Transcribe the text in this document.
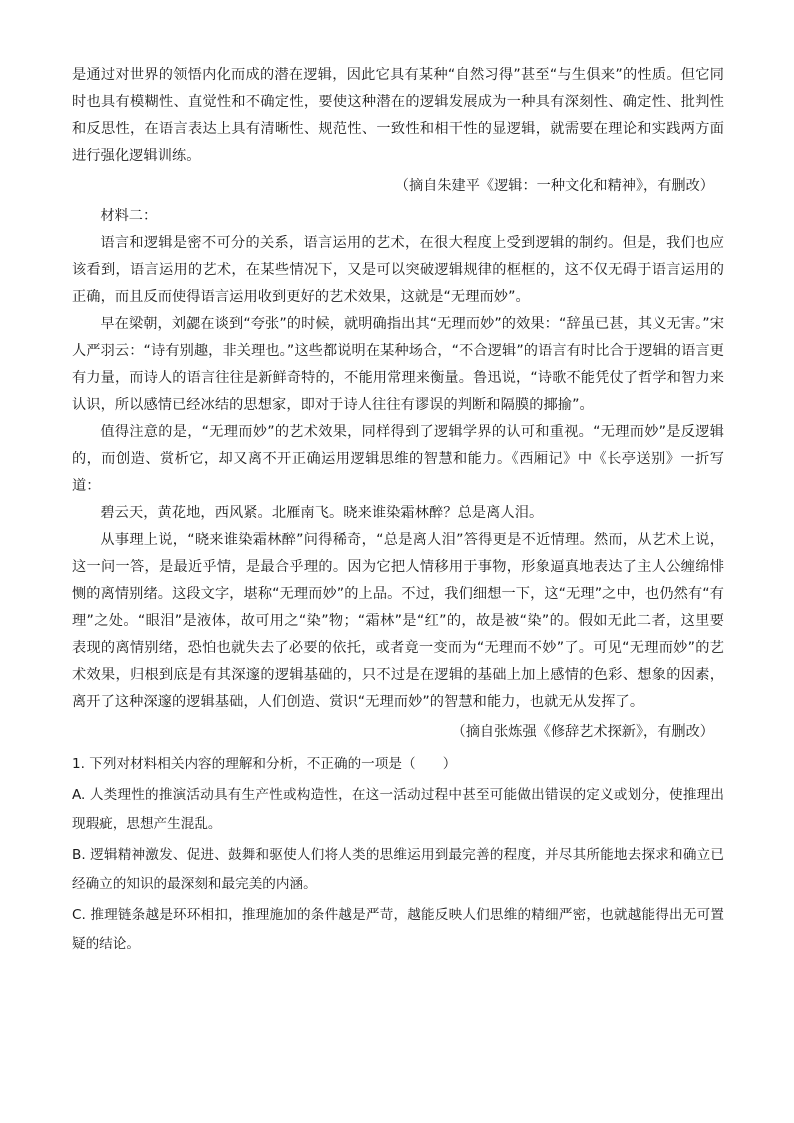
是通过对世界的领悟内化而成的潜在逻辑，因此它具有某种“自然习得”甚至“与生俱来”的性质。但它同时也具有模糊性、直觉性和不确定性，要使这种潜在的逻辑发展成为一种具有深刻性、确定性、批判性和反思性，在语言表达上具有清晰性、规范性、一致性和相干性的显逻辑，就需要在理论和实践两方面进行强化逻辑训练。

（摘自朱建平《逻辑：一种文化和精神》，有删改）

材料二：

语言和逻辑是密不可分的关系，语言运用的艺术，在很大程度上受到逻辑的制约。但是，我们也应该看到，语言运用的艺术，在某些情况下，又是可以突破逻辑规律的框框的，这不仅无碍于语言运用的正确，而且反而使得语言运用收到更好的艺术效果，这就是“无理而妙”。

早在梁朝，刘勰在谈到“夸张”的时候，就明确指出其“无理而妙”的效果：“辞虽已甚，其义无害。”宋人严羽云：“诗有别趣，非关理也。”这些都说明在某种场合，“不合逻辑”的语言有时比合于逻辑的语言更有力量，而诗人的语言往往是新鲜奇特的，不能用常理来衡量。鲁迅说，“诗歌不能凭仗了哲学和智力来认识，所以感情已经冰结的思想家，即对于诗人往往有谬误的判断和隔膜的揶揄”。

值得注意的是，“无理而妙”的艺术效果，同样得到了逻辑学界的认可和重视。“无理而妙”是反逻辑的，而创造、赏析它，却又离不开正确运用逻辑思维的智慧和能力。《西厢记》中《长亭送别》一折写道：

碧云天，黄花地，西风紧。北雁南飞。晓来谁染霜林醉？总是离人泪。

从事理上说，“晓来谁染霜林醉”问得稀奇，“总是离人泪”答得更是不近情理。然而，从艺术上说，这一问一答，是最近乎情，是最合乎理的。因为它把人情移用于事物，形象逼真地表达了主人公缠绵悱恻的离情别绪。这段文字，堪称“无理而妙”的上品。不过，我们细想一下，这“无理”之中，也仍然有“有理”之处。“眼泪”是液体，故可用之“染”物；“霜林”是“红”的，故是被“染”的。假如无此二者，这里要表现的离情别绪，恐怕也就失去了必要的依托，或者竟一变而为“无理而不妙”了。可见“无理而妙”的艺术效果，归根到底是有其深邃的逻辑基础的，只不过是在逻辑的基础上加上感情的色彩、想象的因素，离开了这种深邃的逻辑基础，人们创造、赏识“无理而妙”的智慧和能力，也就无从发挥了。

（摘自张炼强《修辞艺术探新》，有删改）

1. 下列对材料相关内容的理解和分析，不正确的一项是（　　）

A. 人类理性的推演活动具有生产性或构造性，在这一活动过程中甚至可能做出错误的定义或划分，使推理出现瑕疵，思想产生混乱。

B. 逻辑精神激发、促进、鼓舞和驱使人们将人类的思维运用到最完善的程度，并尽其所能地去探求和确立已经确立的知识的最深刻和最完美的内涵。

C. 推理链条越是环环相扣，推理施加的条件越是严苛，越能反映人们思维的精细严密，也就越能得出无可置疑的结论。
